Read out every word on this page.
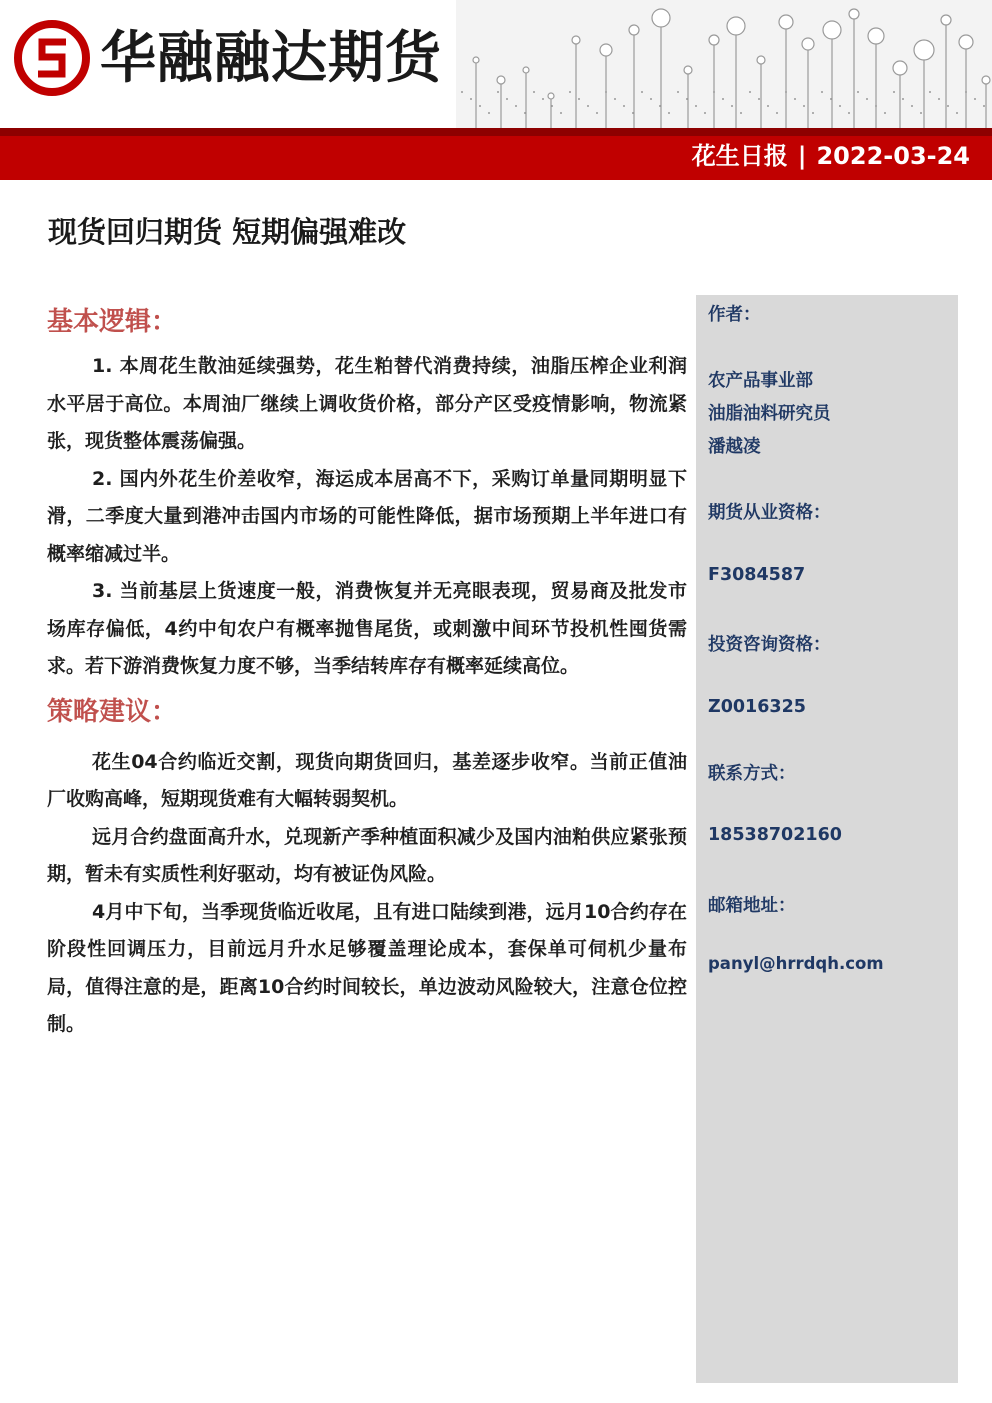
华融融达期货
花生日报 | 2022-03-24
现货回归期货 短期偏强难改
基本逻辑：

1. 本周花生散油延续强势，花生粕替代消费持续，油脂压榨企业利润水平居于高位。本周油厂继续上调收货价格，部分产区受疫情影响，物流紧张，现货整体震荡偏强。

2. 国内外花生价差收窄，海运成本居高不下，采购订单量同期明显下滑，二季度大量到港冲击国内市场的可能性降低，据市场预期上半年进口有概率缩减过半。

3. 当前基层上货速度一般，消费恢复并无亮眼表现，贸易商及批发市场库存偏低，4约中旬农户有概率抛售尾货，或刺激中间环节投机性囤货需求。若下游消费恢复力度不够，当季结转库存有概率延续高位。

策略建议：

花生04合约临近交割，现货向期货回归，基差逐步收窄。当前正值油厂收购高峰，短期现货难有大幅转弱契机。

远月合约盘面高升水，兑现新产季种植面积减少及国内油粕供应紧张预期，暂未有实质性利好驱动，均有被证伪风险。

4月中下旬，当季现货临近收尾，且有进口陆续到港，远月10合约存在阶段性回调压力，目前远月升水足够覆盖理论成本，套保单可伺机少量布局，值得注意的是，距离10合约时间较长，单边波动风险较大，注意仓位控制。

作者：
农产品事业部
油脂油料研究员
潘越凌
期货从业资格：
F3084587
投资咨询资格：
Z0016325
联系方式：
18538702160
邮箱地址：
panyl@hrrdqh.com
